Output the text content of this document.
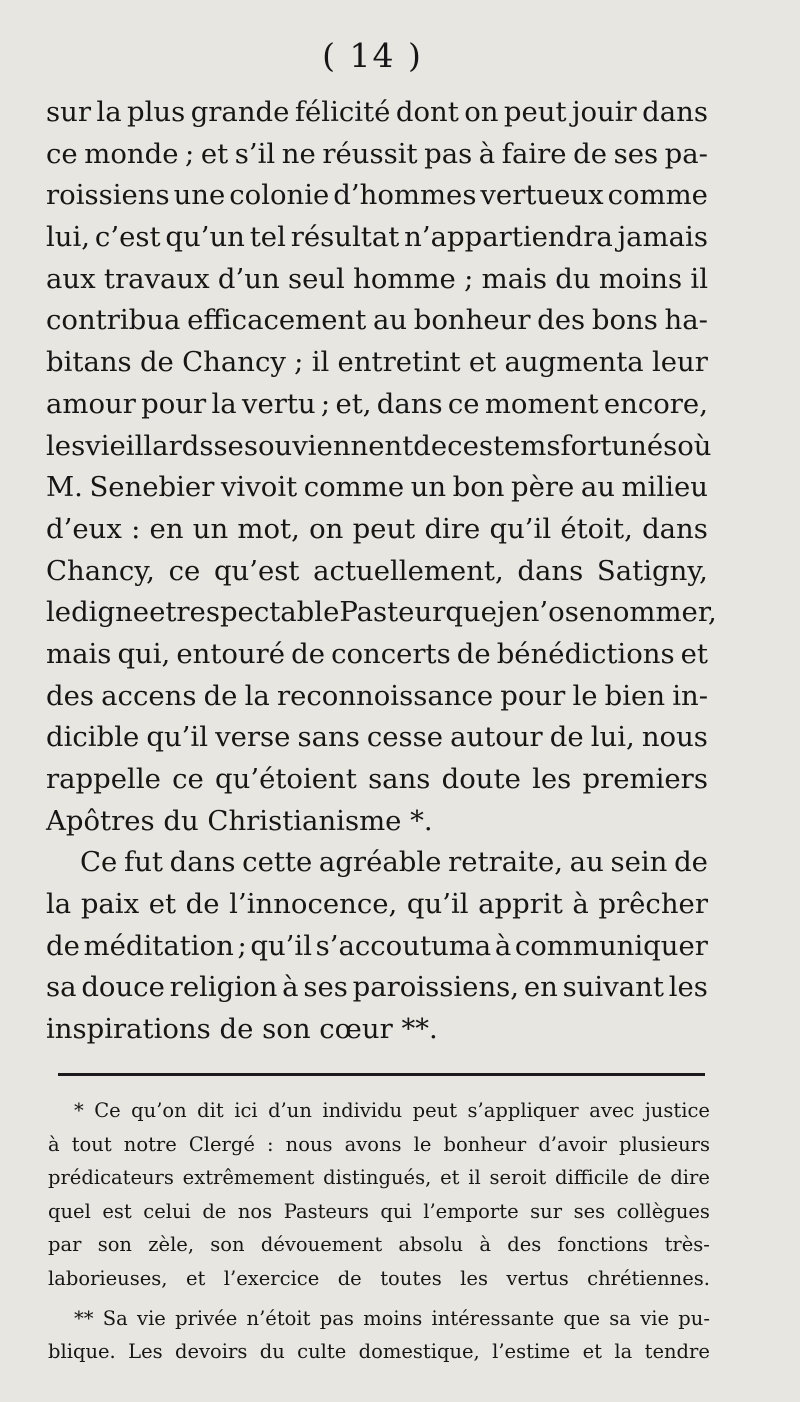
( 14 )
sur la plus grande félicité dont on peut jouir dans
ce monde ; et s’il ne réussit pas à faire de ses pa-
roissiens une colonie d’hommes vertueux comme
lui, c’est qu’un tel résultat n’appartiendra jamais
aux travaux d’un seul homme ; mais du moins il
contribua efficacement au bonheur des bons ha-
bitans de Chancy ; il entretint et augmenta leur
amour pour la vertu ; et, dans ce moment encore,
les vieillards se souviennent de ces tems fortunés où
M. Senebier vivoit comme un bon père au milieu
d’eux : en un mot, on peut dire qu’il étoit, dans
Chancy, ce qu’est actuellement, dans Satigny,
le digne et respectable Pasteur que je n’ose nommer,
mais qui, entouré de concerts de bénédictions et
des accens de la reconnoissance pour le bien in-
dicible qu’il verse sans cesse autour de lui, nous
rappelle ce qu’étoient sans doute les premiers
Apôtres du Christianisme *.
Ce fut dans cette agréable retraite, au sein de
la paix et de l’innocence, qu’il apprit à prêcher
de méditation ; qu’il s’accoutuma à communiquer
sa douce religion à ses paroissiens, en suivant les
inspirations de son cœur **.
* Ce qu’on dit ici d’un individu peut s’appliquer avec justice
à tout notre Clergé : nous avons le bonheur d’avoir plusieurs
prédicateurs extrêmement distingués, et il seroit difficile de dire
quel est celui de nos Pasteurs qui l’emporte sur ses collègues
par son zèle, son dévouement absolu à des fonctions très-
laborieuses, et l’exercice de toutes les vertus chrétiennes.
** Sa vie privée n’étoit pas moins intéressante que sa vie pu-
blique. Les devoirs du culte domestique, l’estime et la tendre
